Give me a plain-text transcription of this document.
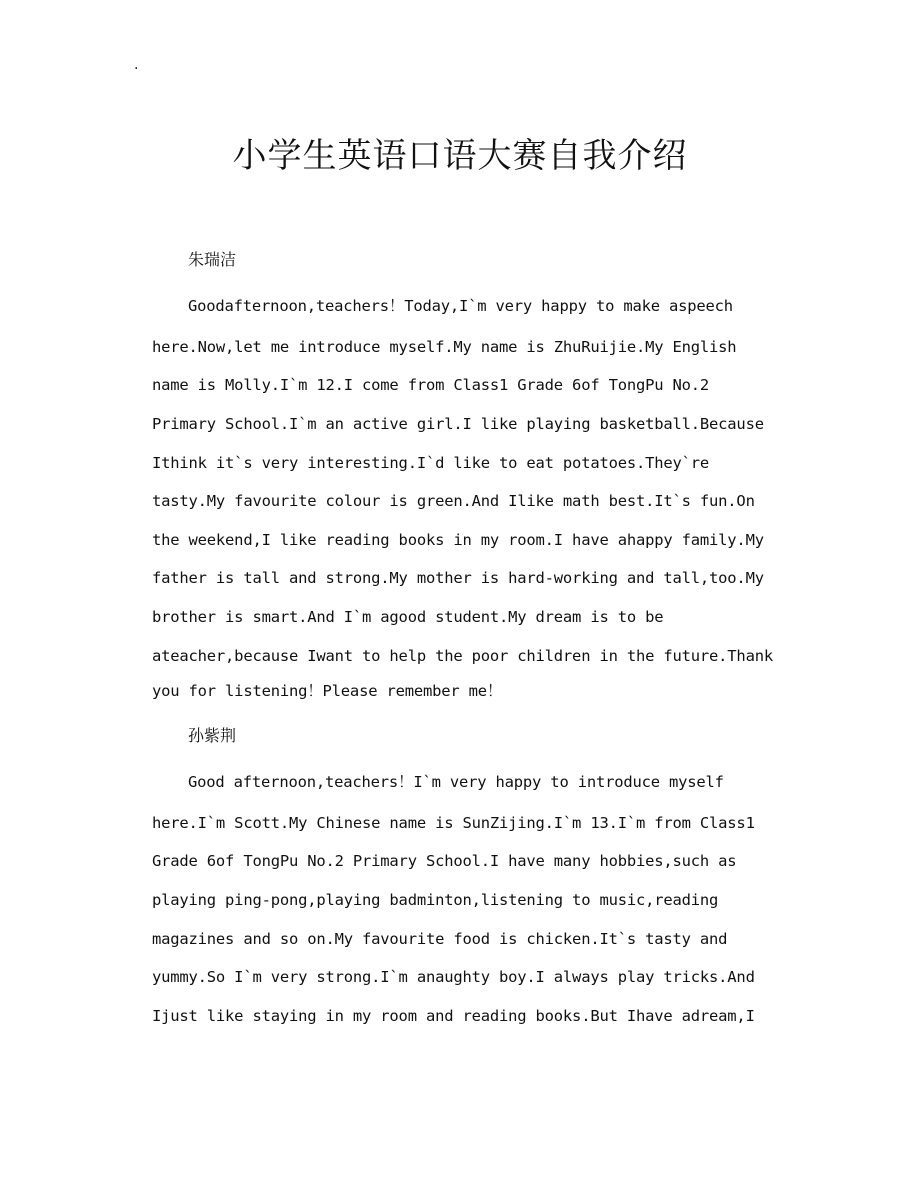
·
小学生英语口语大赛自我介绍
朱瑞洁
Goodafternoon,teachers！Today,I`m very happy to make aspeech
here.Now,let me introduce myself.My name is ZhuRuijie.My English
name is Molly.I`m 12.I come from Class1 Grade 6of TongPu No.2
Primary School.I`m an active girl.I like playing basketball.Because
Ithink it`s very interesting.I`d like to eat potatoes.They`re
tasty.My favourite colour is green.And Ilike math best.It`s fun.On
the weekend,I like reading books in my room.I have ahappy family.My
father is tall and strong.My mother is hard-working and tall,too.My
brother is smart.And I`m agood student.My dream is to be
ateacher,because Iwant to help the poor children in the future.Thank
you for listening！Please remember me！
孙紫荆
Good afternoon,teachers！I`m very happy to introduce myself
here.I`m Scott.My Chinese name is SunZijing.I`m 13.I`m from Class1
Grade 6of TongPu No.2 Primary School.I have many hobbies,such as
playing ping-pong,playing badminton,listening to music,reading
magazines and so on.My favourite food is chicken.It`s tasty and
yummy.So I`m very strong.I`m anaughty boy.I always play tricks.And
Ijust like staying in my room and reading books.But Ihave adream,I
